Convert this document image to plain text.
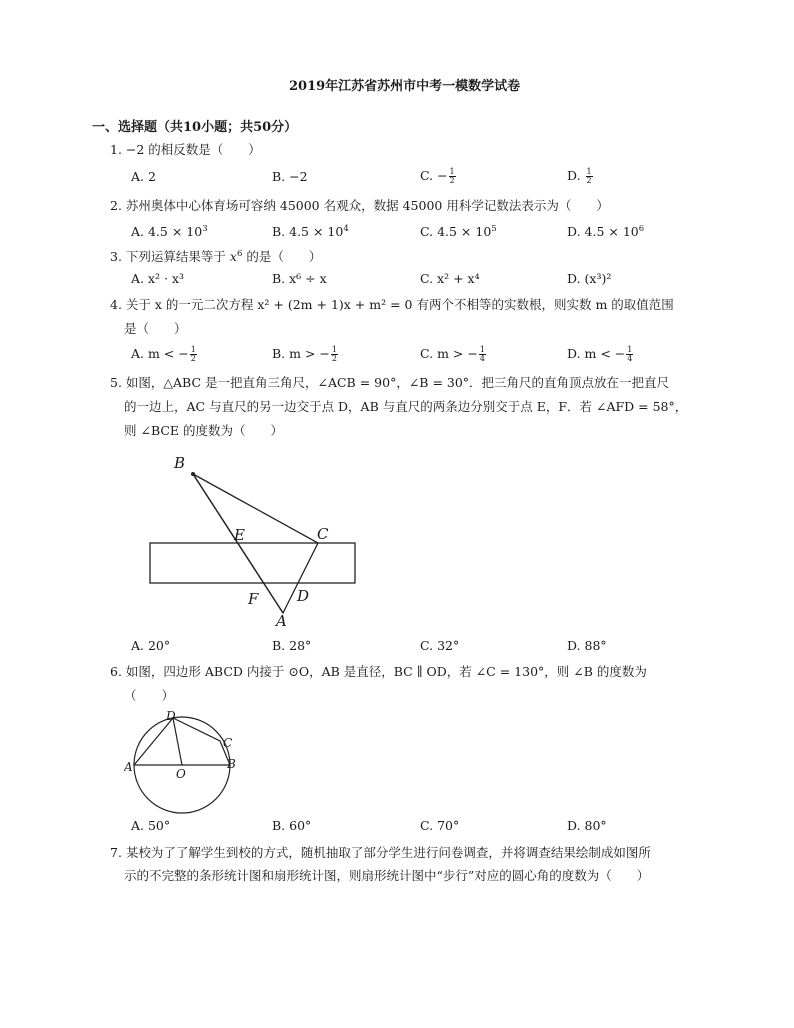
2019年江苏省苏州市中考一模数学试卷
一、选择题（共10小题；共50分）
1. −2 的相反数是（　　）
A. 2	B. −2	C. − $\frac{1}{2}$	D. $\frac{1}{2}$
2. 苏州奥体中心体育场可容纳 45000 名观众，数据 45000 用科学记数法表示为（　　）
A. $4.5 \times 10^3$	B. $4.5 \times 10^4$	C. $4.5 \times 10^5$	D. $4.5 \times 10^6$
3. 下列运算结果等于 $x^6$ 的是（　　）
A. x² · x³	B. x⁶ ÷ x	C. x² + x⁴	D. (x³)²
4. 关于 x 的一元二次方程 x² + (2m + 1)x + m² = 0 有两个不相等的实数根，则实数 m 的取值范围
是（　　）
A. m < − $\frac{1}{2}$	B. m > − $\frac{1}{2}$	C. m > − $\frac{1}{4}$	D. m < − $\frac{1}{4}$
5. 如图，△ABC 是一把直角三角尺，∠ACB = 90°，∠B = 30°．把三角尺的直角顶点放在一把直尺
的一边上，AC 与直尺的另一边交于点 D，AB 与直尺的两条边分别交于点 E，F．若 ∠AFD = 58°，
则 ∠BCE 的度数为（　　）
B
E	C
F	D
A
A. 20°	B. 28°	C. 32°	D. 88°
6. 如图，四边形 ABCD 内接于 ⊙O，AB 是直径，BC ∥ OD，若 ∠C = 130°，则 ∠B 的度数为
（　　）
D
C
A	O
B
A. 50°	B. 60°	C. 70°	D. 80°
7. 某校为了了解学生到校的方式，随机抽取了部分学生进行问卷调查，并将调查结果绘制成如图所
示的不完整的条形统计图和扇形统计图，则扇形统计图中“步行”对应的圆心角的度数为（　　）
